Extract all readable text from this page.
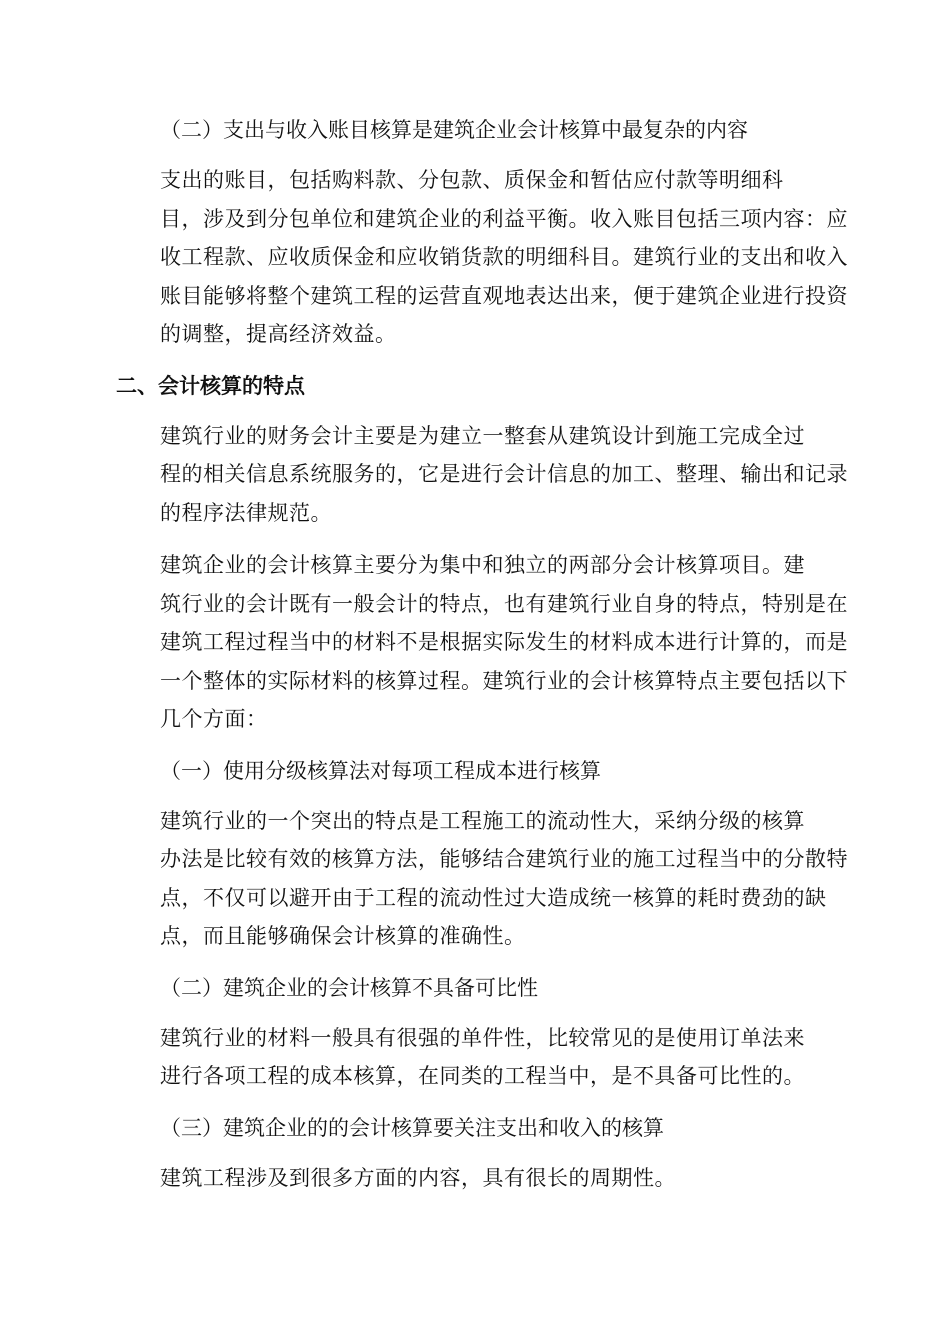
（二）支出与收入账目核算是建筑企业会计核算中最复杂的内容
支出的账目，包括购料款、分包款、质保金和暂估应付款等明细科
目，涉及到分包单位和建筑企业的利益平衡。收入账目包括三项内容：应
收工程款、应收质保金和应收销货款的明细科目。建筑行业的支出和收入
账目能够将整个建筑工程的运营直观地表达出来，便于建筑企业进行投资
的调整，提高经济效益。
二、会计核算的特点
建筑行业的财务会计主要是为建立一整套从建筑设计到施工完成全过
程的相关信息系统服务的，它是进行会计信息的加工、整理、输出和记录
的程序法律规范。
建筑企业的会计核算主要分为集中和独立的两部分会计核算项目。建
筑行业的会计既有一般会计的特点，也有建筑行业自身的特点，特别是在
建筑工程过程当中的材料不是根据实际发生的材料成本进行计算的，而是
一个整体的实际材料的核算过程。建筑行业的会计核算特点主要包括以下
几个方面：
（一）使用分级核算法对每项工程成本进行核算
建筑行业的一个突出的特点是工程施工的流动性大，采纳分级的核算
办法是比较有效的核算方法，能够结合建筑行业的施工过程当中的分散特
点，不仅可以避开由于工程的流动性过大造成统一核算的耗时费劲的缺
点，而且能够确保会计核算的准确性。
（二）建筑企业的会计核算不具备可比性
建筑行业的材料一般具有很强的单件性，比较常见的是使用订单法来
进行各项工程的成本核算，在同类的工程当中，是不具备可比性的。
（三）建筑企业的的会计核算要关注支出和收入的核算
建筑工程涉及到很多方面的内容，具有很长的周期性。
